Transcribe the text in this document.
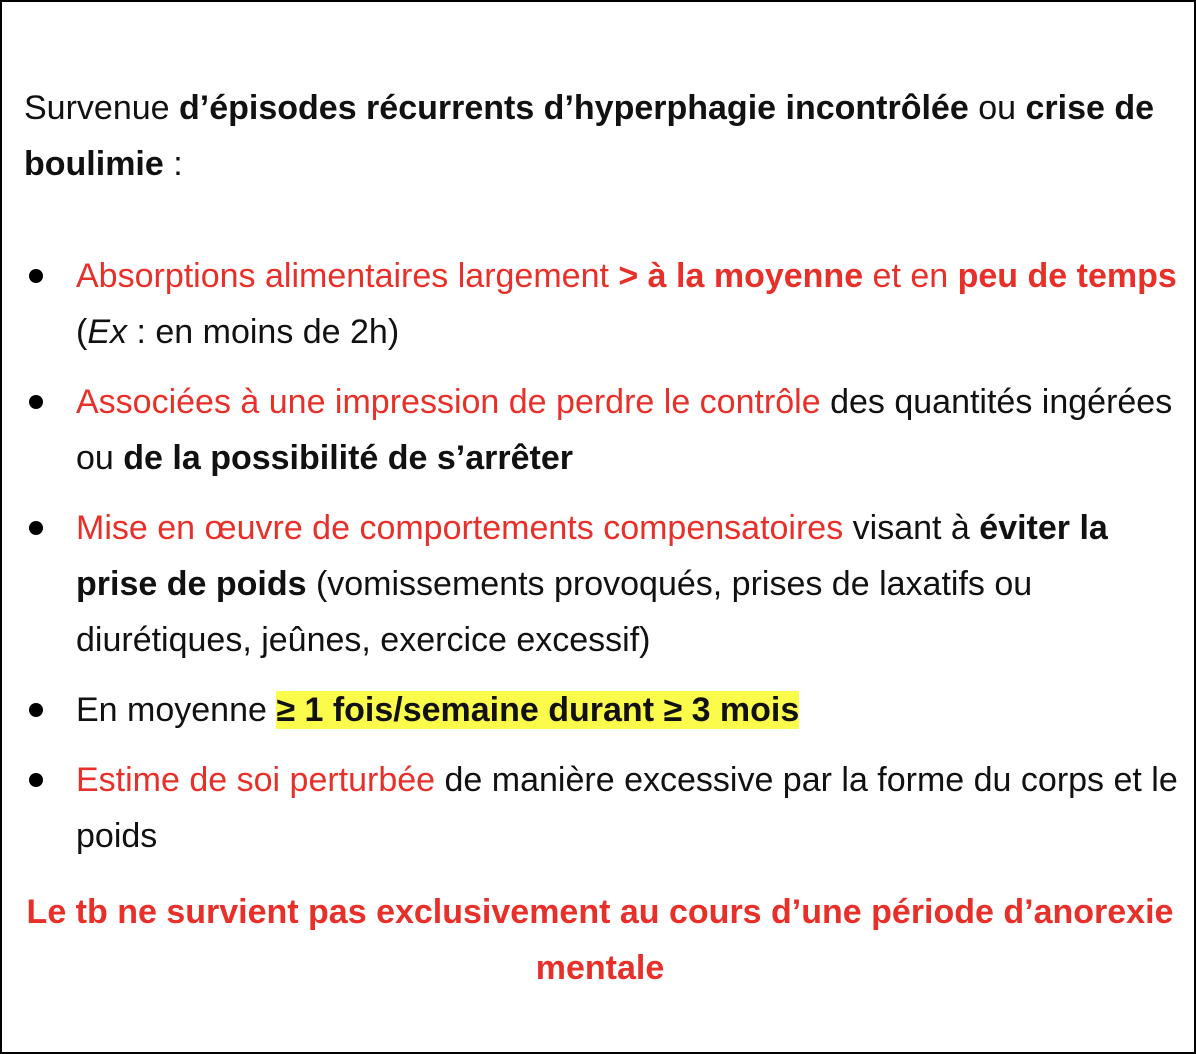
Survenue d’épisodes récurrents d’hyperphagie incontrôlée ou crise de boulimie :
Absorptions alimentaires largement > à la moyenne et en peu de temps (Ex : en moins de 2h)
Associées à une impression de perdre le contrôle des quantités ingérées ou de la possibilité de s’arrêter
Mise en œuvre de comportements compensatoires visant à éviter la prise de poids (vomissements provoqués, prises de laxatifs ou diurétiques, jeûnes, exercice excessif)
En moyenne ≥ 1 fois/semaine durant ≥ 3 mois
Estime de soi perturbée de manière excessive par la forme du corps et le poids
Le tb ne survient pas exclusivement au cours d’une période d’anorexie mentale
